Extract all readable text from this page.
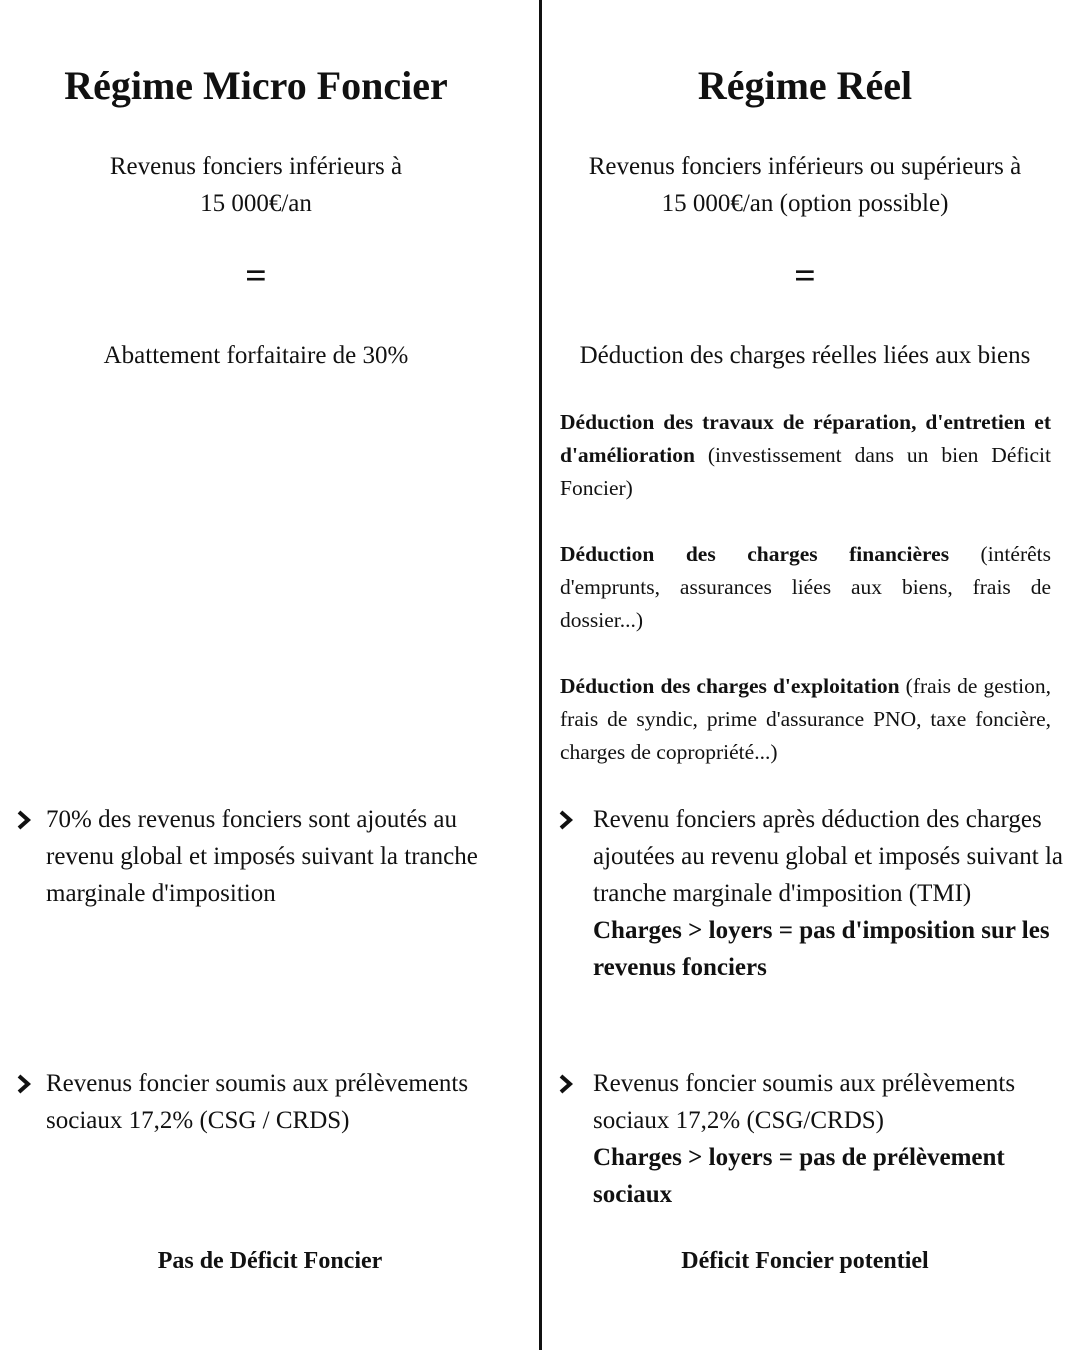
Régime Micro Foncier
Revenus fonciers inférieurs à
15 000€/an
=
Abattement forfaitaire de 30%
70% des revenus fonciers sont ajoutés au revenu global et imposés suivant la tranche marginale d'imposition
Revenus foncier soumis aux prélèvements sociaux 17,2% (CSG / CRDS)
Pas de Déficit Foncier
Régime Réel
Revenus fonciers inférieurs ou supérieurs à
15 000€/an (option possible)
=
Déduction des charges réelles liées aux biens
Déduction des travaux de réparation, d'entretien et d'amélioration (investissement dans un bien Déficit Foncier)
Déduction des charges financières (intérêts d'emprunts, assurances liées aux biens, frais de dossier...)
Déduction des charges d'exploitation (frais de gestion, frais de syndic, prime d'assurance PNO, taxe foncière, charges de copropriété...)
Revenu fonciers après déduction des charges ajoutées au revenu global et imposés suivant la tranche marginale d'imposition (TMI)
Charges > loyers = pas d'imposition sur les revenus fonciers
Revenus foncier soumis aux prélèvements sociaux 17,2% (CSG/CRDS)
Charges > loyers = pas de prélèvement sociaux
Déficit Foncier potentiel
